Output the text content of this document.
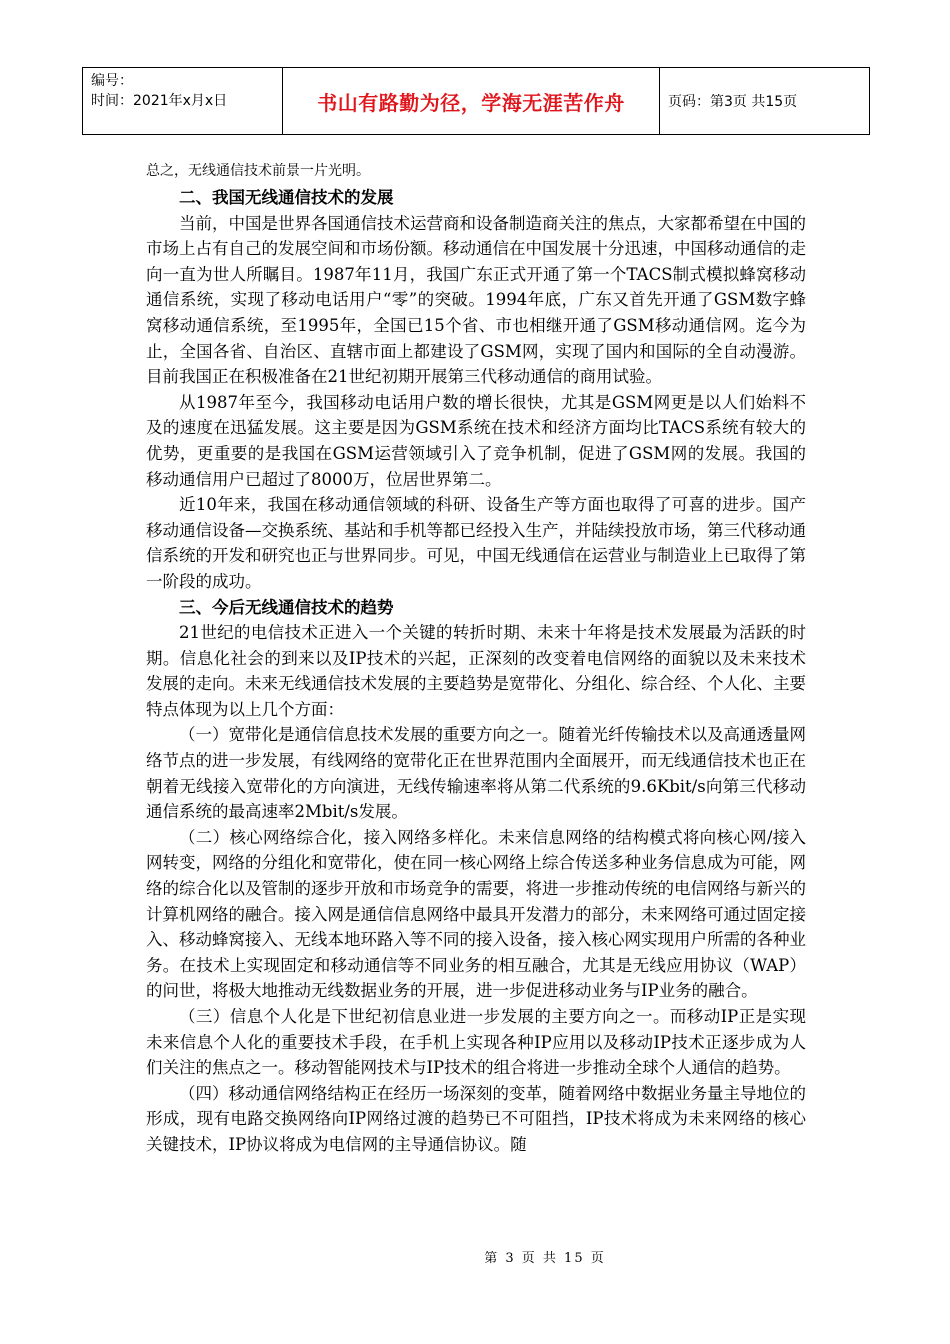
编号：
时间：2021年x月x日	书山有路勤为径，学海无涯苦作舟	页码：第3页 共15页

总之，无线通信技术前景一片光明。

二、我国无线通信技术的发展

当前，中国是世界各国通信技术运营商和设备制造商关注的焦点，大家都希望在中国的市场上占有自己的发展空间和市场份额。移动通信在中国发展十分迅速，中国移动通信的走向一直为世人所瞩目。1987年11月，我国广东正式开通了第一个TACS制式模拟蜂窝移动通信系统，实现了移动电话用户“零”的突破。1994年底，广东又首先开通了GSM数字蜂窝移动通信系统，至1995年，全国已15个省、市也相继开通了GSM移动通信网。迄今为止，全国各省、自治区、直辖市面上都建设了GSM网，实现了国内和国际的全自动漫游。目前我国正在积极准备在21世纪初期开展第三代移动通信的商用试验。

从1987年至今，我国移动电话用户数的增长很快，尤其是GSM网更是以人们始料不及的速度在迅猛发展。这主要是因为GSM系统在技术和经济方面均比TACS系统有较大的优势，更重要的是我国在GSM运营领域引入了竞争机制，促进了GSM网的发展。我国的移动通信用户已超过了8000万，位居世界第二。

近10年来，我国在移动通信领域的科研、设备生产等方面也取得了可喜的进步。国产移动通信设备—交换系统、基站和手机等都已经投入生产，并陆续投放市场，第三代移动通信系统的开发和研究也正与世界同步。可见，中国无线通信在运营业与制造业上已取得了第一阶段的成功。

三、今后无线通信技术的趋势

21世纪的电信技术正进入一个关键的转折时期、未来十年将是技术发展最为活跃的时期。信息化社会的到来以及IP技术的兴起，正深刻的改变着电信网络的面貌以及未来技术发展的走向。未来无线通信技术发展的主要趋势是宽带化、分组化、综合经、个人化、主要特点体现为以上几个方面：

（一）宽带化是通信信息技术发展的重要方向之一。随着光纤传输技术以及高通透量网络节点的进一步发展，有线网络的宽带化正在世界范围内全面展开，而无线通信技术也正在朝着无线接入宽带化的方向演进，无线传输速率将从第二代系统的9.6Kbit/s向第三代移动通信系统的最高速率2Mbit/s发展。

（二）核心网络综合化，接入网络多样化。未来信息网络的结构模式将向核心网/接入网转变，网络的分组化和宽带化，使在同一核心网络上综合传送多种业务信息成为可能，网络的综合化以及管制的逐步开放和市场竞争的需要，将进一步推动传统的电信网络与新兴的计算机网络的融合。接入网是通信信息网络中最具开发潜力的部分，未来网络可通过固定接入、移动蜂窝接入、无线本地环路入等不同的接入设备，接入核心网实现用户所需的各种业务。在技术上实现固定和移动通信等不同业务的相互融合，尤其是无线应用协议（WAP）的问世，将极大地推动无线数据业务的开展，进一步促进移动业务与IP业务的融合。

（三）信息个人化是下世纪初信息业进一步发展的主要方向之一。而移动IP正是实现未来信息个人化的重要技术手段，在手机上实现各种IP应用以及移动IP技术正逐步成为人们关注的焦点之一。移动智能网技术与IP技术的组合将进一步推动全球个人通信的趋势。

（四）移动通信网络结构正在经历一场深刻的变革，随着网络中数据业务量主导地位的形成，现有电路交换网络向IP网络过渡的趋势已不可阻挡，IP技术将成为未来网络的核心关键技术，IP协议将成为电信网的主导通信协议。随

第 3 页 共 15 页
